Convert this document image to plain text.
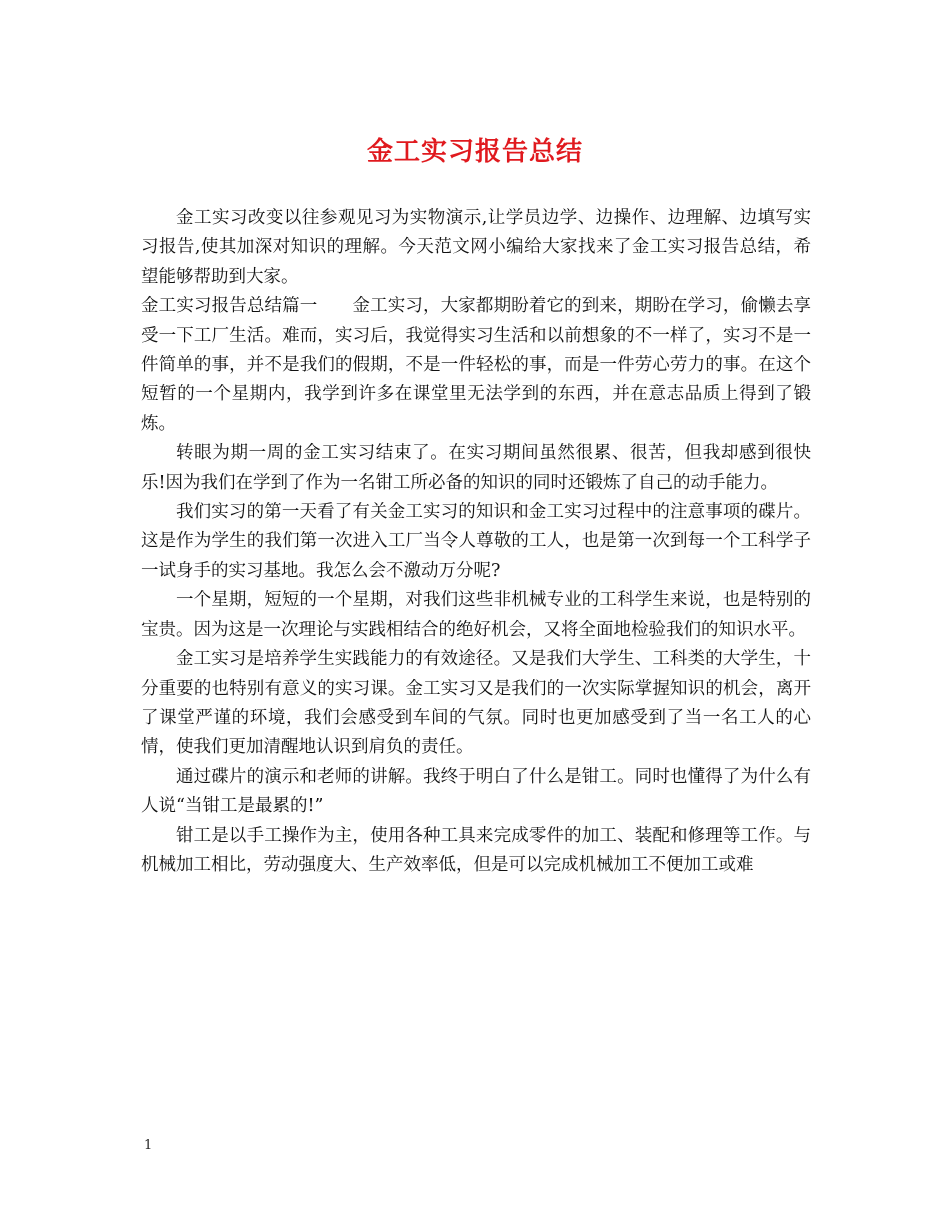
金工实习报告总结

金工实习改变以往参观见习为实物演示,让学员边学、边操作、边理解、边填写实习报告,使其加深对知识的理解。今天范文网小编给大家找来了金工实习报告总结，希望能够帮助到大家。

金工实习报告总结篇一 金工实习，大家都期盼着它的到来，期盼在学习，偷懒去享受一下工厂生活。难而，实习后，我觉得实习生活和以前想象的不一样了，实习不是一件简单的事，并不是我们的假期，不是一件轻松的事，而是一件劳心劳力的事。在这个短暂的一个星期内，我学到许多在课堂里无法学到的东西，并在意志品质上得到了锻炼。

转眼为期一周的金工实习结束了。在实习期间虽然很累、很苦，但我却感到很快乐!因为我们在学到了作为一名钳工所必备的知识的同时还锻炼了自己的动手能力。

我们实习的第一天看了有关金工实习的知识和金工实习过程中的注意事项的碟片。这是作为学生的我们第一次进入工厂当令人尊敬的工人，也是第一次到每一个工科学子一试身手的实习基地。我怎么会不激动万分呢?

一个星期，短短的一个星期，对我们这些非机械专业的工科学生来说，也是特别的宝贵。因为这是一次理论与实践相结合的绝好机会，又将全面地检验我们的知识水平。

金工实习是培养学生实践能力的有效途径。又是我们大学生、工科类的大学生，十分重要的也特别有意义的实习课。金工实习又是我们的一次实际掌握知识的机会，离开了课堂严谨的环境，我们会感受到车间的气氛。同时也更加感受到了当一名工人的心情，使我们更加清醒地认识到肩负的责任。

通过碟片的演示和老师的讲解。我终于明白了什么是钳工。同时也懂得了为什么有人说“当钳工是最累的!”

钳工是以手工操作为主，使用各种工具来完成零件的加工、装配和修理等工作。与机械加工相比，劳动强度大、生产效率低，但是可以完成机械加工不便加工或难

1
